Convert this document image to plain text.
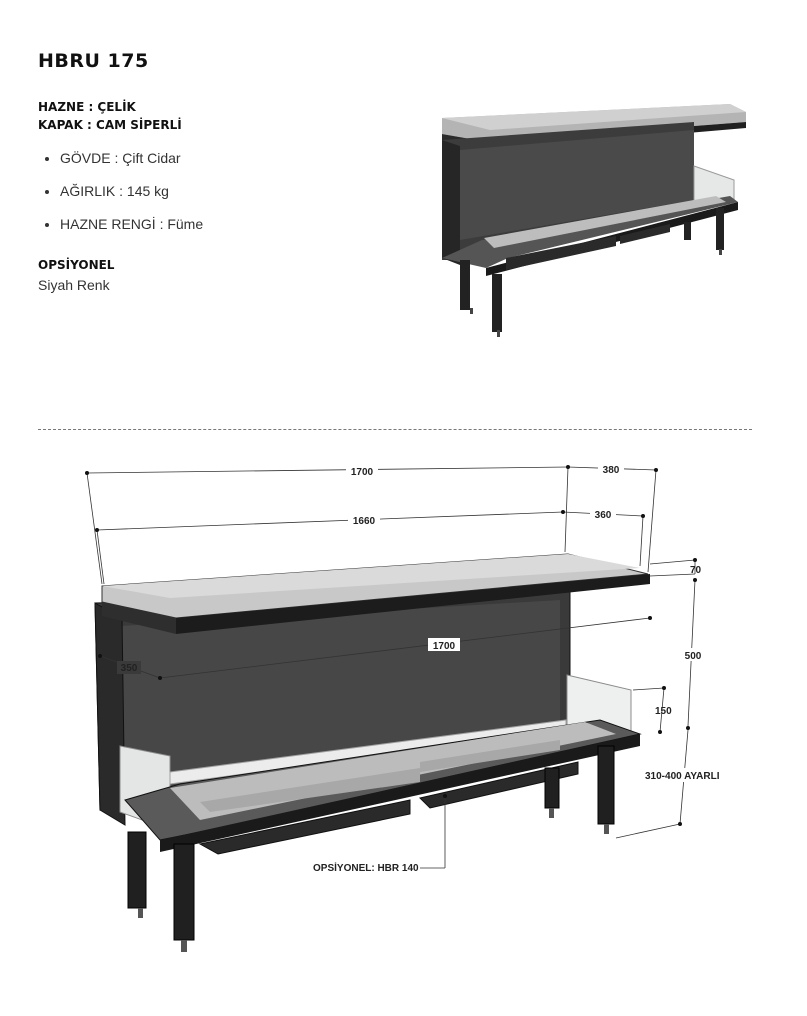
HBRU 175
HAZNE : ÇELİK
KAPAK : CAM SİPERLİ
• GÖVDE : Çift Cidar
• AĞIRLIK : 145 kg
• HAZNE RENGİ : Füme
OPSİYONEL
Siyah Renk
1700	380
1660
360
70
1700
350
500
150
310-400 AYARLI
OPSİYONEL: HBR 140
